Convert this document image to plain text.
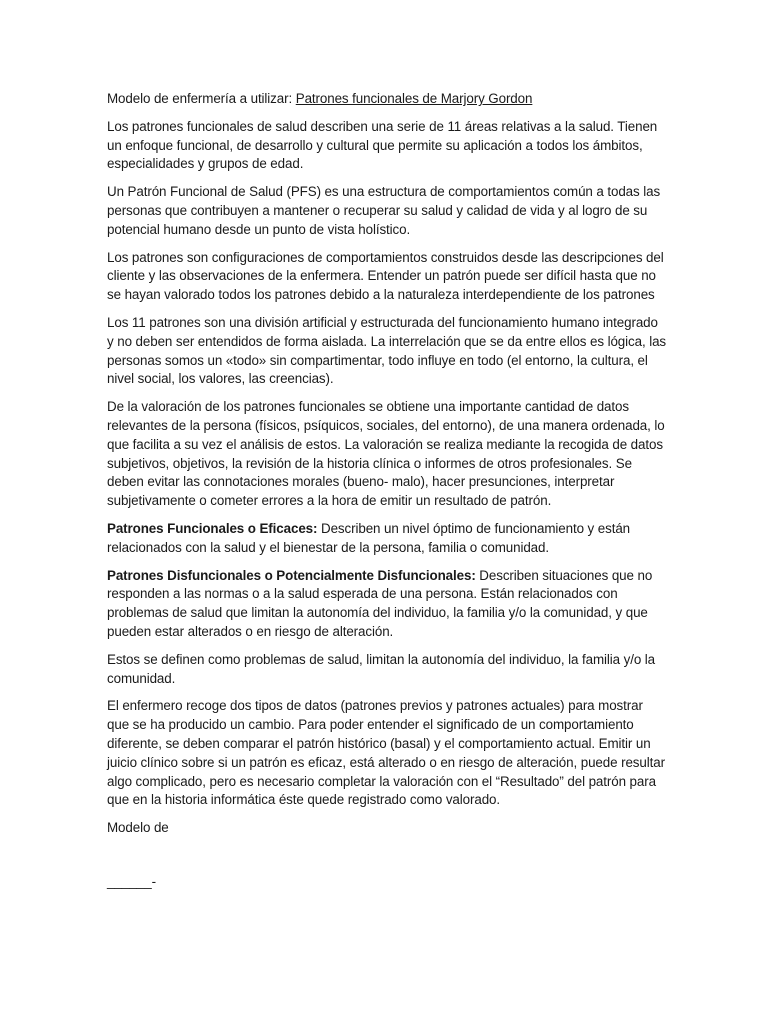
Modelo de enfermería a utilizar: Patrones funcionales de Marjory Gordon

Los patrones funcionales de salud describen una serie de 11 áreas relativas a la salud. Tienen un enfoque funcional, de desarrollo y cultural que permite su aplicación a todos los ámbitos, especialidades y grupos de edad.

Un Patrón Funcional de Salud (PFS) es una estructura de comportamientos común a todas las personas que contribuyen a mantener o recuperar su salud y calidad de vida y al logro de su potencial humano desde un punto de vista holístico.

Los patrones son configuraciones de comportamientos construidos desde las descripciones del cliente y las observaciones de la enfermera. Entender un patrón puede ser difícil hasta que no se hayan valorado todos los patrones debido a la naturaleza interdependiente de los patrones

Los 11 patrones son una división artificial y estructurada del funcionamiento humano integrado y no deben ser entendidos de forma aislada. La interrelación que se da entre ellos es lógica, las personas somos un «todo» sin compartimentar, todo influye en todo (el entorno, la cultura, el nivel social, los valores, las creencias).

De la valoración de los patrones funcionales se obtiene una importante cantidad de datos relevantes de la persona (físicos, psíquicos, sociales, del entorno), de una manera ordenada, lo que facilita a su vez el análisis de estos. La valoración se realiza mediante la recogida de datos subjetivos, objetivos, la revisión de la historia clínica o informes de otros profesionales. Se deben evitar las connotaciones morales (bueno- malo), hacer presunciones, interpretar subjetivamente o cometer errores a la hora de emitir un resultado de patrón.

Patrones Funcionales o Eficaces: Describen un nivel óptimo de funcionamiento y están relacionados con la salud y el bienestar de la persona, familia o comunidad.

Patrones Disfuncionales o Potencialmente Disfuncionales: Describen situaciones que no responden a las normas o a la salud esperada de una persona. Están relacionados con problemas de salud que limitan la autonomía del individuo, la familia y/o la comunidad, y que pueden estar alterados o en riesgo de alteración.

Estos se definen como problemas de salud, limitan la autonomía del individuo, la familia y/o la comunidad.

El enfermero recoge dos tipos de datos (patrones previos y patrones actuales) para mostrar que se ha producido un cambio. Para poder entender el significado de un comportamiento diferente, se deben comparar el patrón histórico (basal) y el comportamiento actual. Emitir un juicio clínico sobre si un patrón es eficaz, está alterado o en riesgo de alteración, puede resultar algo complicado, pero es necesario completar la valoración con el “Resultado” del patrón para que en la historia informática éste quede registrado como valorado.

Modelo de

______-
